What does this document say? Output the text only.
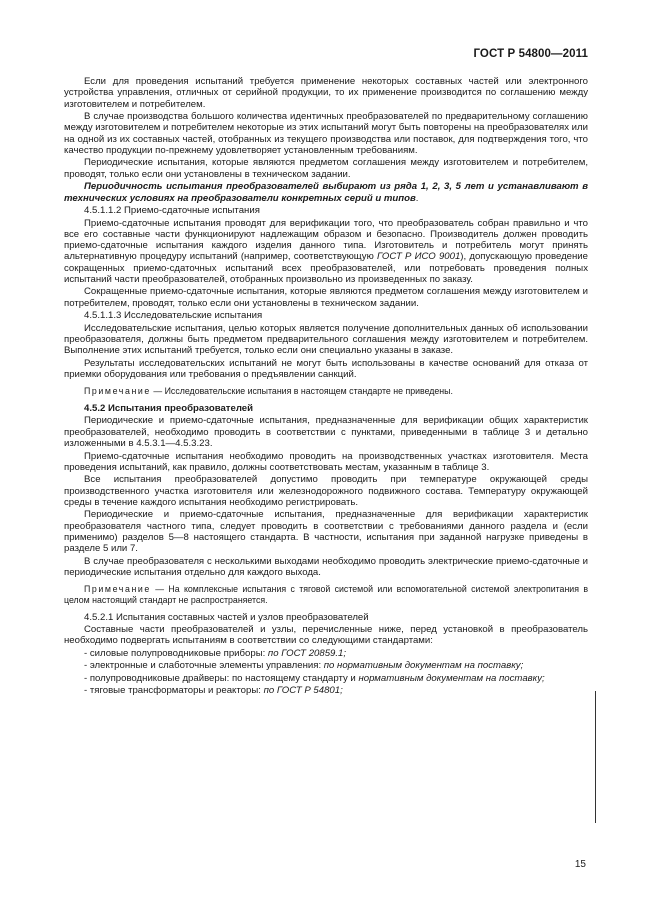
ГОСТ Р 54800—2011

Если для проведения испытаний требуется применение некоторых составных частей или электронного устройства управления, отличных от серийной продукции, то их применение производится по соглашению между изготовителем и потребителем.

В случае производства большого количества идентичных преобразователей по предварительному соглашению между изготовителем и потребителем некоторые из этих испытаний могут быть повторены на преобразователях или на одной из их составных частей, отобранных из текущего производства или поставок, для подтверждения того, что качество продукции по-прежнему удовлетворяет установленным требованиям.

Периодические испытания, которые являются предметом соглашения между изготовителем и потребителем, проводят, только если они установлены в техническом задании.

Периодичность испытания преобразователей выбирают из ряда 1, 2, 3, 5 лет и устанавливают в технических условиях на преобразователи конкретных серий и типов.

4.5.1.1.2 Приемо-сдаточные испытания

Приемо-сдаточные испытания проводят для верификации того, что преобразователь собран правильно и что все его составные части функционируют надлежащим образом и безопасно. Производитель должен проводить приемо-сдаточные испытания каждого изделия данного типа. Изготовитель и потребитель могут принять альтернативную процедуру испытаний (например, соответствующую ГОСТ Р ИСО 9001), допускающую проведение сокращенных приемо-сдаточных испытаний всех преобразователей, или потребовать проведения полных испытаний части преобразователей, отобранных произвольно из произведенных по заказу.

Сокращенные приемо-сдаточные испытания, которые являются предметом соглашения между изготовителем и потребителем, проводят, только если они установлены в техническом задании.

4.5.1.1.3 Исследовательские испытания

Исследовательские испытания, целью которых является получение дополнительных данных об использовании преобразователя, должны быть предметом предварительного соглашения между изготовителем и потребителем. Выполнение этих испытаний требуется, только если они специально указаны в заказе.

Результаты исследовательских испытаний не могут быть использованы в качестве оснований для отказа от приемки оборудования или требования о предъявлении санкций.

Примечание — Исследовательские испытания в настоящем стандарте не приведены.

4.5.2 Испытания преобразователей

Периодические и приемо-сдаточные испытания, предназначенные для верификации общих характеристик преобразователей, необходимо проводить в соответствии с пунктами, приведенными в таблице 3 и детально изложенными в 4.5.3.1—4.5.3.23.

Приемо-сдаточные испытания необходимо проводить на производственных участках изготовителя. Места проведения испытаний, как правило, должны соответствовать местам, указанным в таблице 3.

Все испытания преобразователей допустимо проводить при температуре окружающей среды производственного участка изготовителя или железнодорожного подвижного состава. Температуру окружающей среды в течение каждого испытания необходимо регистрировать.

Периодические и приемо-сдаточные испытания, предназначенные для верификации характеристик преобразователя частного типа, следует проводить в соответствии с требованиями данного раздела и (если применимо) разделов 5—8 настоящего стандарта. В частности, испытания при заданной нагрузке приведены в разделе 5 или 7.

В случае преобразователя с несколькими выходами необходимо проводить электрические приемо-сдаточные и периодические испытания отдельно для каждого выхода.

Примечание — На комплексные испытания с тяговой системой или вспомогательной системой электропитания в целом настоящий стандарт не распространяется.

4.5.2.1 Испытания составных частей и узлов преобразователей

Составные части преобразователей и узлы, перечисленные ниже, перед установкой в преобразователь необходимо подвергать испытаниям в соответствии со следующими стандартами:

- силовые полупроводниковые приборы: по ГОСТ 20859.1;

- электронные и слаботочные элементы управления: по нормативным документам на поставку;

- полупроводниковые драйверы: по настоящему стандарту и нормативным документам на поставку;

- тяговые трансформаторы и реакторы: по ГОСТ Р 54801;

15
